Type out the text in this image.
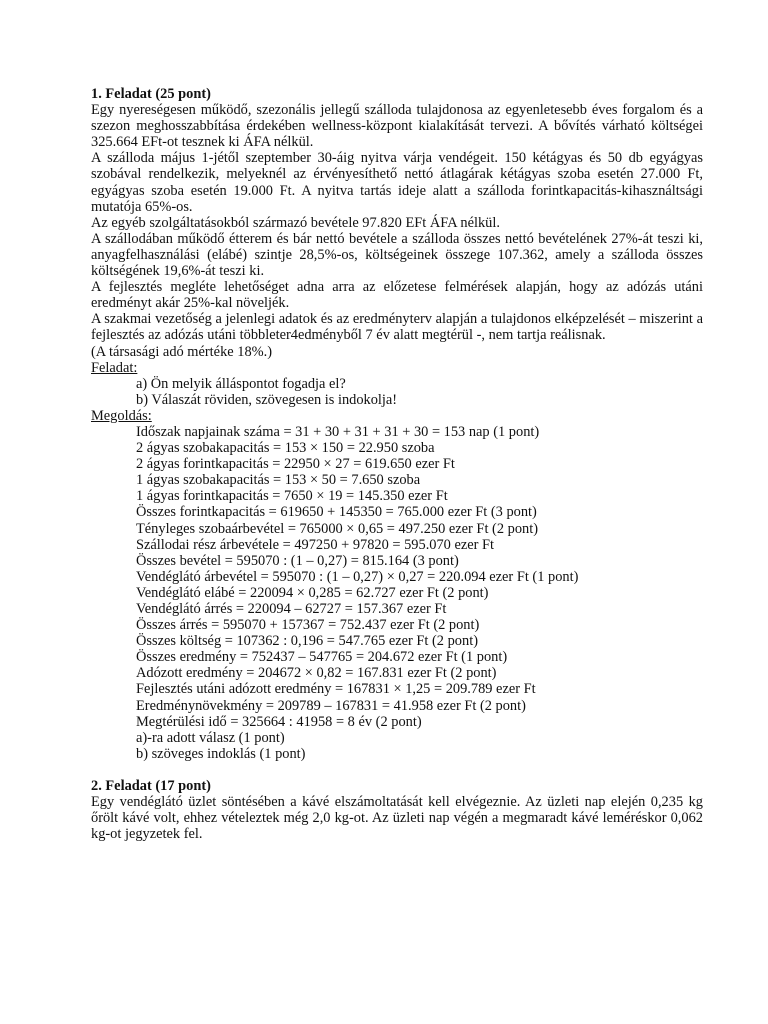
1. Feladat (25 pont)

Egy nyereségesen működő, szezonális jellegű szálloda tulajdonosa az egyenletesebb éves forgalom és a szezon meghosszabbítása érdekében wellness-központ kialakítását tervezi. A bővítés várható költségei 325.664 EFt-ot tesznek ki ÁFA nélkül.

A szálloda május 1-jétől szeptember 30-áig nyitva várja vendégeit. 150 kétágyas és 50 db egyágyas szobával rendelkezik, melyeknél az érvényesíthető nettó átlagárak kétágyas szoba esetén 27.000 Ft, egyágyas szoba esetén 19.000 Ft. A nyitva tartás ideje alatt a szálloda forintkapacitás-kihasználtsági mutatója 65%-os.

Az egyéb szolgáltatásokból származó bevétele 97.820 EFt ÁFA nélkül.

A szállodában működő étterem és bár nettó bevétele a szálloda összes nettó bevételének 27%-át teszi ki, anyagfelhasználási (elábé) szintje 28,5%-os, költségeinek összege 107.362, amely a szálloda összes költségének 19,6%-át teszi ki.

A fejlesztés megléte lehetőséget adna arra az előzetese felmérések alapján, hogy az adózás utáni eredményt akár 25%-kal növeljék.

A szakmai vezetőség a jelenlegi adatok és az eredményterv alapján a tulajdonos elképzelését – miszerint a fejlesztés az adózás utáni többleter4edményből 7 év alatt megtérül -, nem tartja reálisnak.

(A társasági adó mértéke 18%.)

Feladat:

a) Ön melyik álláspontot fogadja el?

b) Válaszát röviden, szövegesen is indokolja!

Megoldás:

Időszak napjainak száma = 31 + 30 + 31 + 31 + 30 = 153 nap (1 pont)

2 ágyas szobakapacitás = 153 × 150 = 22.950 szoba

2 ágyas forintkapacitás = 22950 × 27 = 619.650 ezer Ft

1 ágyas szobakapacitás = 153 × 50 = 7.650 szoba

1 ágyas forintkapacitás = 7650 × 19 = 145.350 ezer Ft

Összes forintkapacitás = 619650 + 145350 = 765.000 ezer Ft (3 pont)

Tényleges szobaárbevétel = 765000 × 0,65 = 497.250 ezer Ft (2 pont)

Szállodai rész árbevétele = 497250 + 97820 = 595.070 ezer Ft

Összes bevétel = 595070 : (1 – 0,27) = 815.164 (3 pont)

Vendéglátó árbevétel = 595070 : (1 – 0,27) × 0,27 = 220.094 ezer Ft (1 pont)

Vendéglátó elábé = 220094 × 0,285 = 62.727 ezer Ft (2 pont)

Vendéglátó árrés = 220094 – 62727 = 157.367 ezer Ft

Összes árrés = 595070 + 157367 = 752.437 ezer Ft (2 pont)

Összes költség = 107362 : 0,196 = 547.765 ezer Ft (2 pont)

Összes eredmény = 752437 – 547765 = 204.672 ezer Ft (1 pont)

Adózott eredmény = 204672 × 0,82 = 167.831 ezer Ft (2 pont)

Fejlesztés utáni adózott eredmény = 167831 × 1,25 = 209.789 ezer Ft

Eredménynövekmény = 209789 – 167831 = 41.958 ezer Ft (2 pont)

Megtérülési idő = 325664 : 41958 = 8 év (2 pont)

a)-ra adott válasz (1 pont)

b) szöveges indoklás (1 pont)

2. Feladat (17 pont)

Egy vendéglátó üzlet söntésében a kávé elszámoltatását kell elvégeznie. Az üzleti nap elején 0,235 kg őrölt kávé volt, ehhez vételeztek még 2,0 kg-ot. Az üzleti nap végén a megmaradt kávé leméréskor 0,062 kg-ot jegyzetek fel.
